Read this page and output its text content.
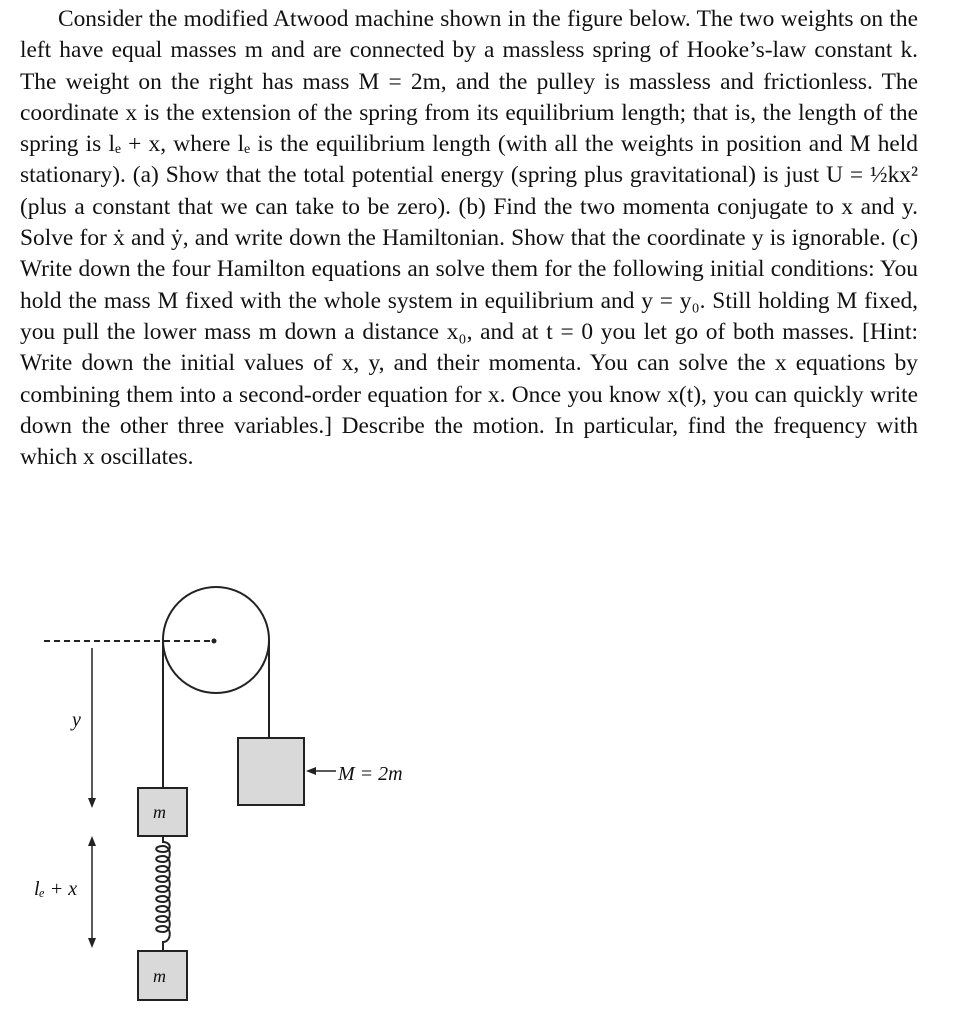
Consider the modified Atwood machine shown in the figure below. The two weights on the left have equal masses m and are connected by a massless spring of Hooke’s-law constant k. The weight on the right has mass M = 2m, and the pulley is massless and frictionless. The coordinate x is the extension of the spring from its equilibrium length; that is, the length of the spring is lₑ + x, where lₑ is the equilibrium length (with all the weights in position and M held stationary). (a) Show that the total potential energy (spring plus gravitational) is just U = ½kx² (plus a constant that we can take to be zero). (b) Find the two momenta conjugate to x and y. Solve for ẋ and ẏ, and write down the Hamiltonian. Show that the coordinate y is ignorable. (c) Write down the four Hamilton equations an solve them for the following initial conditions: You hold the mass M fixed with the whole system in equilibrium and y = y₀. Still holding M fixed, you pull the lower mass m down a distance x₀, and at t = 0 you let go of both masses. [Hint: Write down the initial values of x, y, and their momenta. You can solve the x equations by combining them into a second-order equation for x. Once you know x(t), you can quickly write down the other three variables.] Describe the motion. In particular, find the frequency with which x oscillates.

y
lₑ + x
m
m
M = 2m
